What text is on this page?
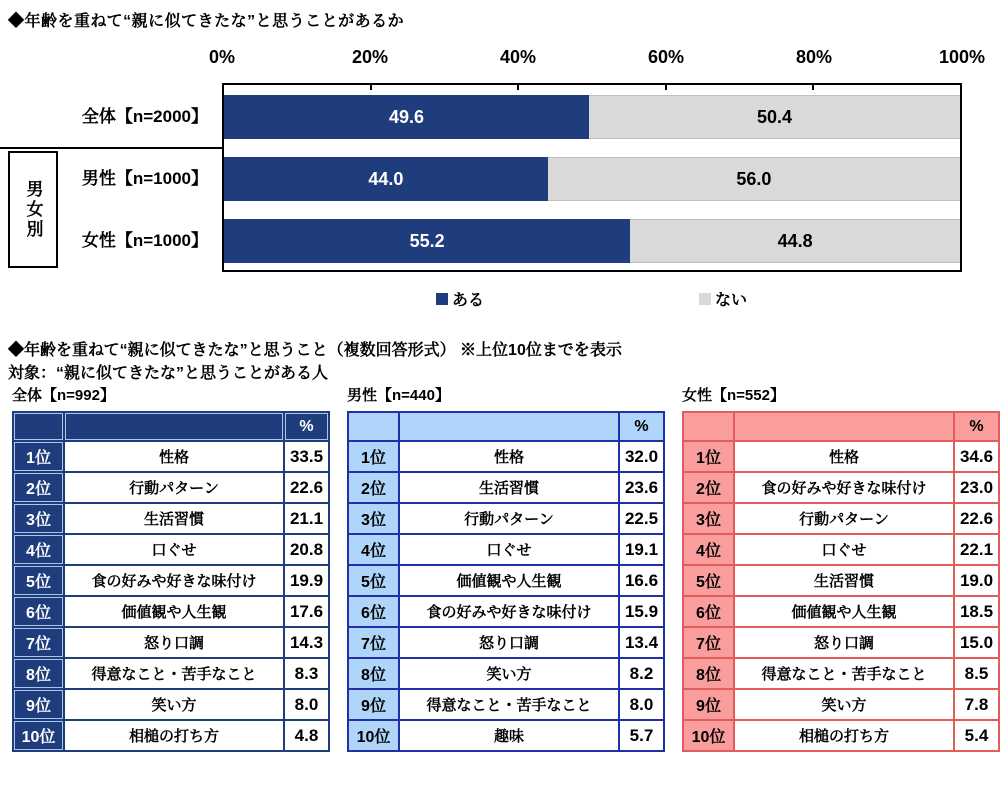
◆年齢を重ねて“親に似てきたな”と思うことがあるか
0%	20%	40%	60%	80%	100%
49.6	50.4
44.0	56.0
55.2	44.8
全体【n=2000】
男性【n=1000】
女性【n=1000】
男女別
ある	ない
◆年齢を重ねて“親に似てきたな”と思うこと（複数回答形式） ※上位10位までを表示
対象：“親に似てきたな”と思うことがある人
全体【n=992】
		%
1位	性格	33.5
2位	行動パターン	22.6
3位	生活習慣	21.1
4位	口ぐせ	20.8
5位	食の好みや好きな味付け	19.9
6位	価値観や人生観	17.6
7位	怒り口調	14.3
8位	得意なこと・苦手なこと	8.3
9位	笑い方	8.0
10位	相槌の打ち方	4.8
男性【n=440】
		%
1位	性格	32.0
2位	生活習慣	23.6
3位	行動パターン	22.5
4位	口ぐせ	19.1
5位	価値観や人生観	16.6
6位	食の好みや好きな味付け	15.9
7位	怒り口調	13.4
8位	笑い方	8.2
9位	得意なこと・苦手なこと	8.0
10位	趣味	5.7
女性【n=552】
		%
1位	性格	34.6
2位	食の好みや好きな味付け	23.0
3位	行動パターン	22.6
4位	口ぐせ	22.1
5位	生活習慣	19.0
6位	価値観や人生観	18.5
7位	怒り口調	15.0
8位	得意なこと・苦手なこと	8.5
9位	笑い方	7.8
10位	相槌の打ち方	5.4
